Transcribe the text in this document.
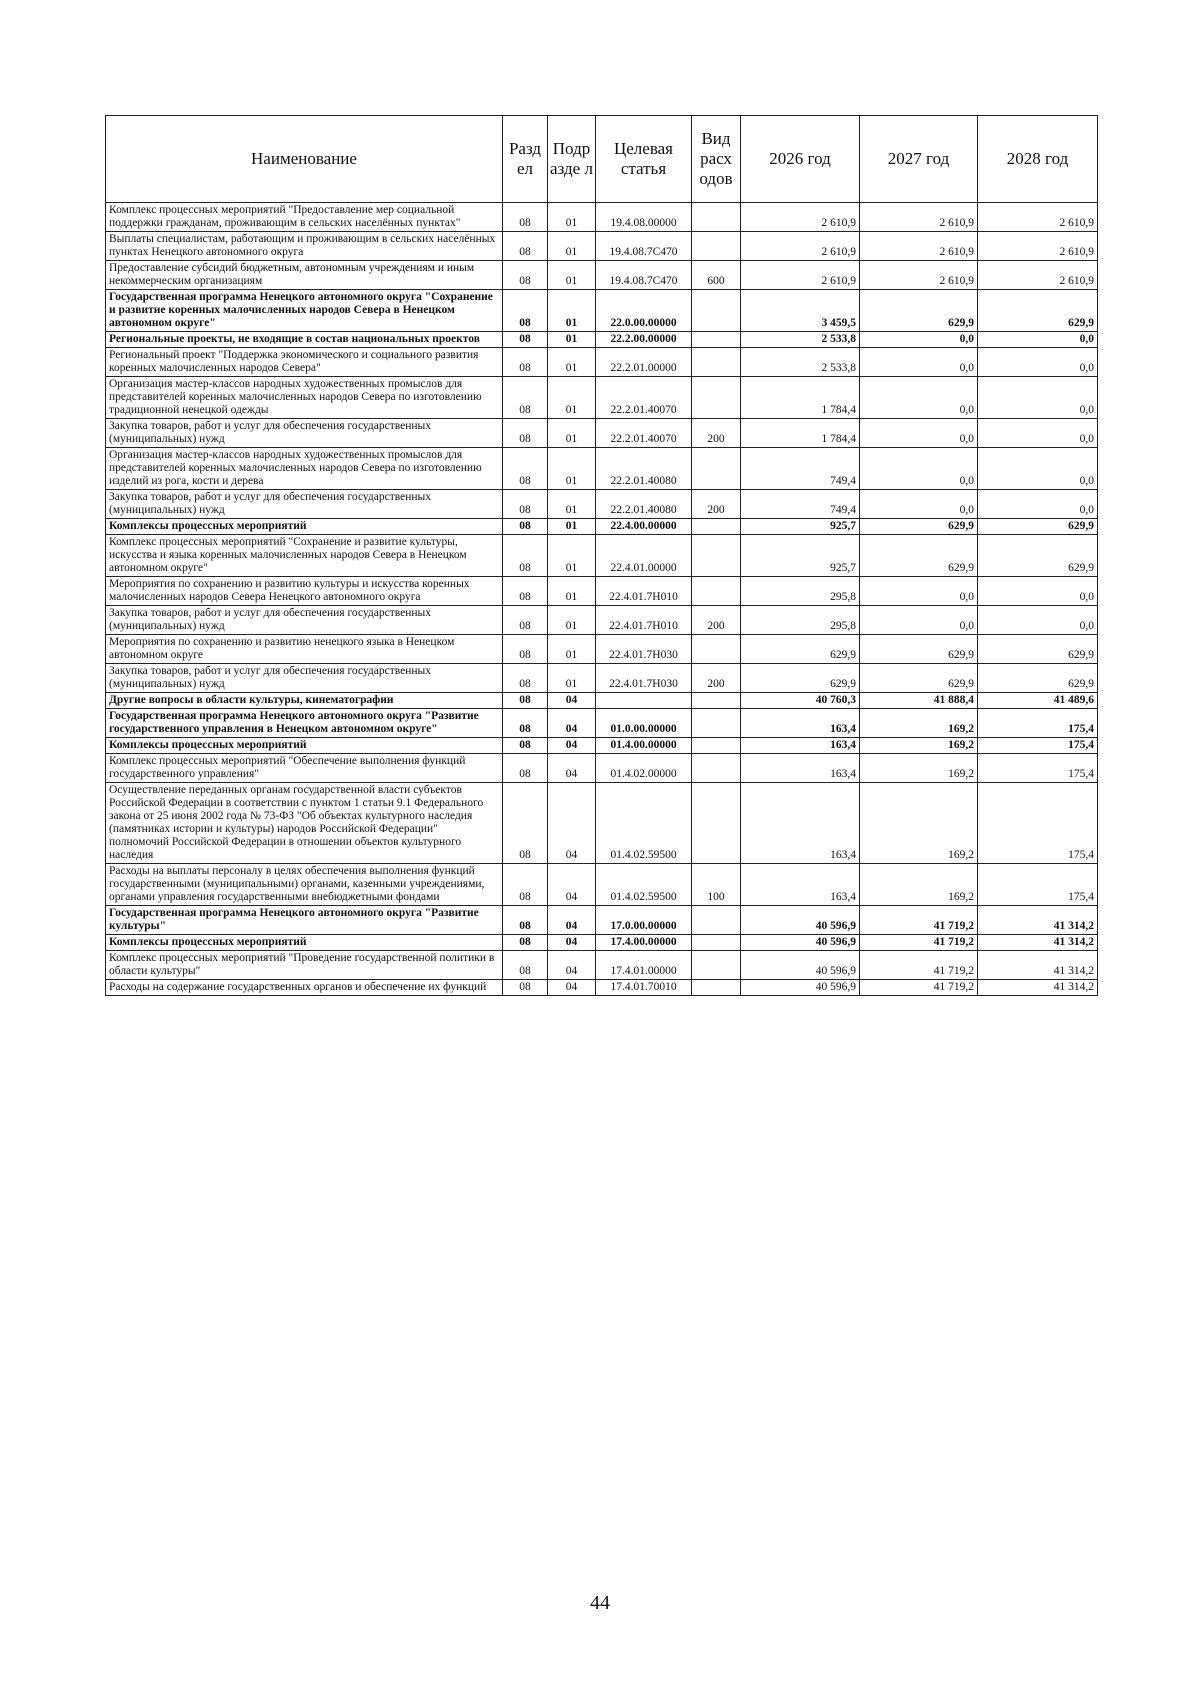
Наименование	Разд ел	Подр азде л	Целевая статья	Вид расх одов	2026 год	2027 год	2028 год
Комплекс процессных мероприятий "Предоставление мер социальной поддержки гражданам, проживающим в сельских населённых пунктах"	08	01	19.4.08.00000		2 610,9	2 610,9	2 610,9
Выплаты специалистам, работающим и проживающим в сельских населённых пунктах Ненецкого автономного округа	08	01	19.4.08.7С470		2 610,9	2 610,9	2 610,9
Предоставление субсидий бюджетным, автономным учреждениям и иным некоммерческим организациям	08	01	19.4.08.7С470	600	2 610,9	2 610,9	2 610,9
Государственная программа Ненецкого автономного округа "Сохранение и развитие коренных малочисленных народов Севера в Ненецком автономном округе"	08	01	22.0.00.00000		3 459,5	629,9	629,9
Региональные проекты, не входящие в состав национальных проектов	08	01	22.2.00.00000		2 533,8	0,0	0,0
Региональный проект "Поддержка экономического и социального развития коренных малочисленных народов Севера"	08	01	22.2.01.00000		2 533,8	0,0	0,0
Организация мастер-классов народных художественных промыслов для представителей коренных малочисленных народов Севера по изготовлению традиционной ненецкой одежды	08	01	22.2.01.40070		1 784,4	0,0	0,0
Закупка товаров, работ и услуг для обеспечения государственных (муниципальных) нужд	08	01	22.2.01.40070	200	1 784,4	0,0	0,0
Организация мастер-классов народных художественных промыслов для представителей коренных малочисленных народов Севера по изготовлению изделий из рога, кости и дерева	08	01	22.2.01.40080		749,4	0,0	0,0
Закупка товаров, работ и услуг для обеспечения государственных (муниципальных) нужд	08	01	22.2.01.40080	200	749,4	0,0	0,0
Комплексы процессных мероприятий	08	01	22.4.00.00000		925,7	629,9	629,9
Комплекс процессных мероприятий "Сохранение и развитие культуры, искусства и языка коренных малочисленных народов Севера в Ненецком автономном округе"	08	01	22.4.01.00000		925,7	629,9	629,9
Мероприятия по сохранению и развитию культуры и искусства коренных малочисленных народов Севера Ненецкого автономного округа	08	01	22.4.01.7Н010		295,8	0,0	0,0
Закупка товаров, работ и услуг для обеспечения государственных (муниципальных) нужд	08	01	22.4.01.7Н010	200	295,8	0,0	0,0
Мероприятия по сохранению и развитию ненецкого языка в Ненецком автономном округе	08	01	22.4.01.7Н030		629,9	629,9	629,9
Закупка товаров, работ и услуг для обеспечения государственных (муниципальных) нужд	08	01	22.4.01.7Н030	200	629,9	629,9	629,9
Другие вопросы в области культуры, кинематографии	08	04			40 760,3	41 888,4	41 489,6
Государственная программа Ненецкого автономного округа "Развитие государственного управления в Ненецком автономном округе"	08	04	01.0.00.00000		163,4	169,2	175,4
Комплексы процессных мероприятий	08	04	01.4.00.00000		163,4	169,2	175,4
Комплекс процессных мероприятий "Обеспечение выполнения функций государственного управления"	08	04	01.4.02.00000		163,4	169,2	175,4
Осуществление переданных органам государственной власти субъектов Российской Федерации в соответствии с пунктом 1 статьи 9.1 Федерального закона от 25 июня 2002 года № 73-ФЗ "Об объектах культурного наследия (памятниках истории и культуры) народов Российской Федерации" полномочий Российской Федерации в отношении объектов культурного наследия	08	04	01.4.02.59500		163,4	169,2	175,4
Расходы на выплаты персоналу в целях обеспечения выполнения функций государственными (муниципальными) органами, казенными учреждениями, органами управления государственными внебюджетными фондами	08	04	01.4.02.59500	100	163,4	169,2	175,4
Государственная программа Ненецкого автономного округа "Развитие культуры"	08	04	17.0.00.00000		40 596,9	41 719,2	41 314,2
Комплексы процессных мероприятий	08	04	17.4.00.00000		40 596,9	41 719,2	41 314,2
Комплекс процессных мероприятий "Проведение государственной политики в области культуры"	08	04	17.4.01.00000		40 596,9	41 719,2	41 314,2
Расходы на содержание государственных органов и обеспечение их функций	08	04	17.4.01.70010		40 596,9	41 719,2	41 314,2
44
